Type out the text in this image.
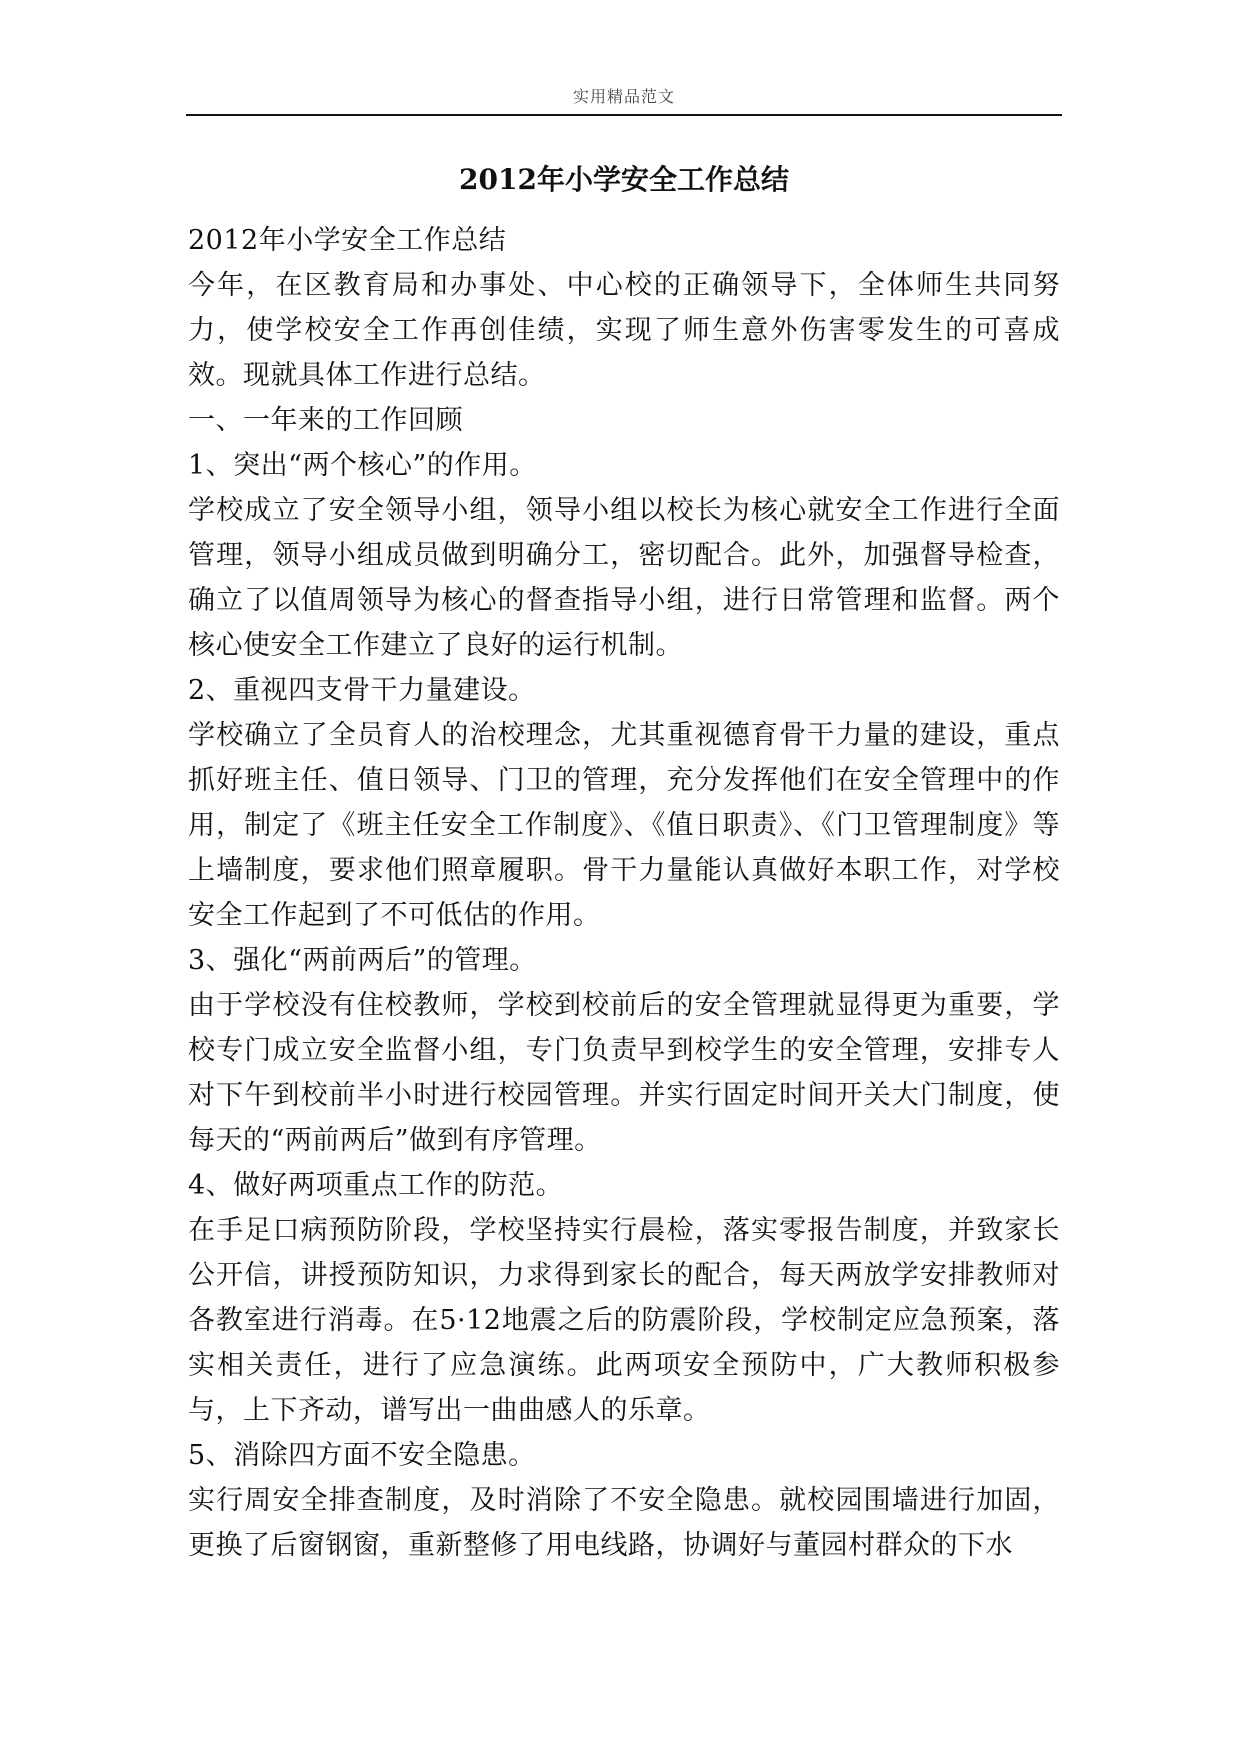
实用精品范文
2012年小学安全工作总结

2012年小学安全工作总结

今年，在区教育局和办事处、中心校的正确领导下，全体师生共同努力，使学校安全工作再创佳绩，实现了师生意外伤害零发生的可喜成效。现就具体工作进行总结。

一、一年来的工作回顾

1、突出“两个核心”的作用。

学校成立了安全领导小组，领导小组以校长为核心就安全工作进行全面管理，领导小组成员做到明确分工，密切配合。此外，加强督导检查，确立了以值周领导为核心的督查指导小组，进行日常管理和监督。两个核心使安全工作建立了良好的运行机制。

2、重视四支骨干力量建设。

学校确立了全员育人的治校理念，尤其重视德育骨干力量的建设，重点抓好班主任、值日领导、门卫的管理，充分发挥他们在安全管理中的作用，制定了《班主任安全工作制度》、《值日职责》、《门卫管理制度》等上墙制度，要求他们照章履职。骨干力量能认真做好本职工作，对学校安全工作起到了不可低估的作用。

3、强化“两前两后”的管理。

由于学校没有住校教师，学校到校前后的安全管理就显得更为重要，学校专门成立安全监督小组，专门负责早到校学生的安全管理，安排专人对下午到校前半小时进行校园管理。并实行固定时间开关大门制度，使每天的“两前两后”做到有序管理。

4、做好两项重点工作的防范。

在手足口病预防阶段，学校坚持实行晨检，落实零报告制度，并致家长公开信，讲授预防知识，力求得到家长的配合，每天两放学安排教师对各教室进行消毒。在5·12地震之后的防震阶段，学校制定应急预案，落实相关责任，进行了应急演练。此两项安全预防中，广大教师积极参与，上下齐动，谱写出一曲曲感人的乐章。

5、消除四方面不安全隐患。

实行周安全排查制度，及时消除了不安全隐患。就校园围墙进行加固，更换了后窗钢窗，重新整修了用电线路，协调好与董园村群众的下水
